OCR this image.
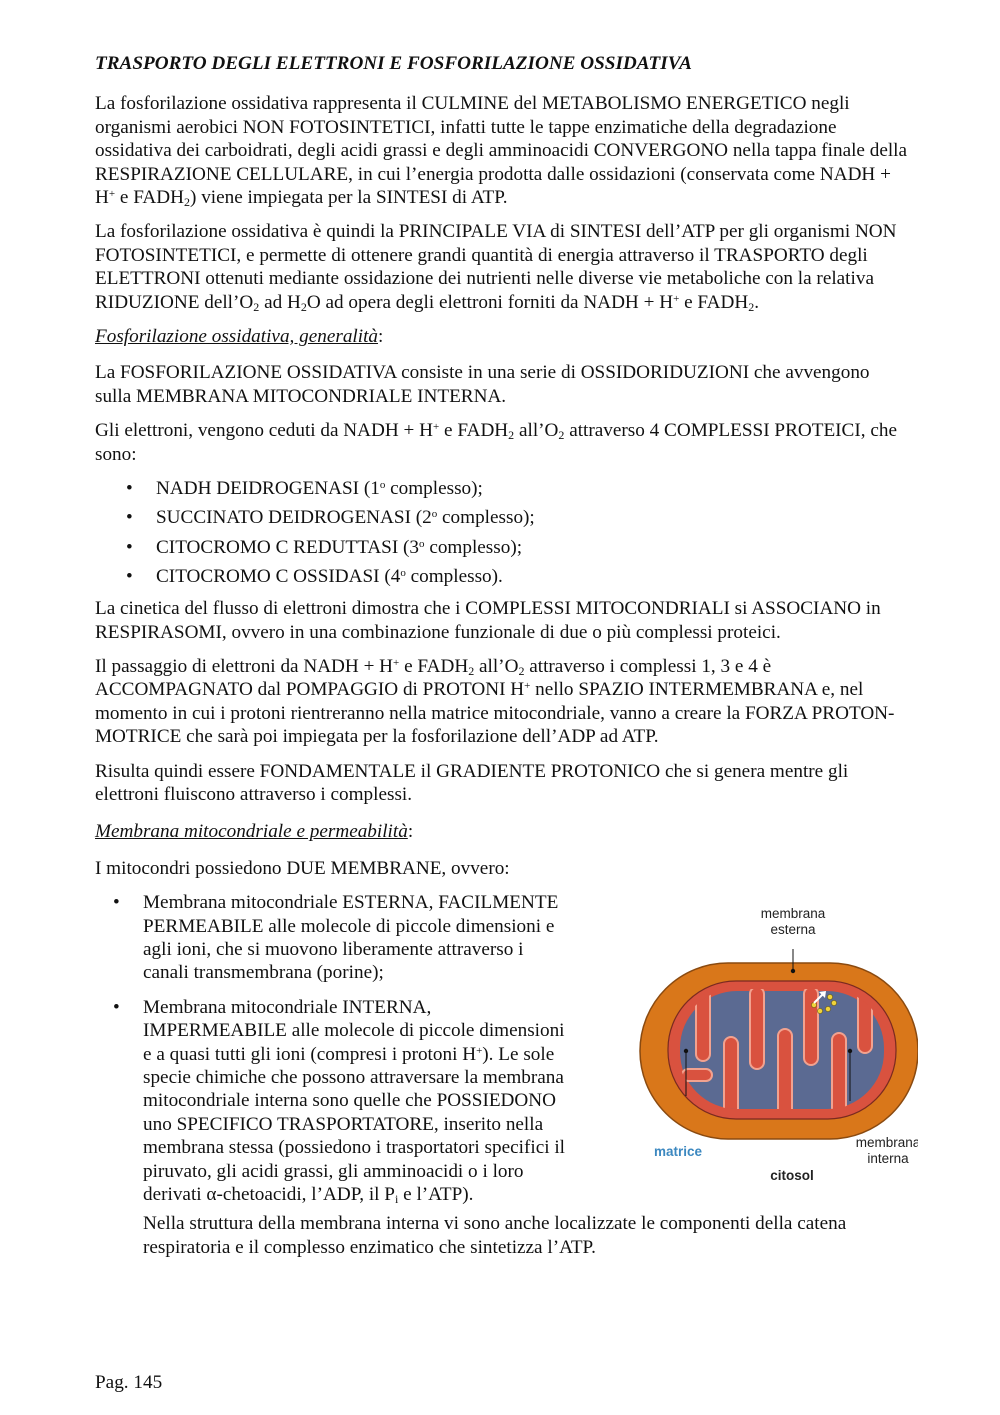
TRASPORTO DEGLI ELETTRONI E FOSFORILAZIONE OSSIDATIVA

La fosforilazione ossidativa rappresenta il CULMINE del METABOLISMO ENERGETICO negli organismi aerobici NON FOTOSINTETICI, infatti tutte le tappe enzimatiche della degradazione ossidativa dei carboidrati, degli acidi grassi e degli amminoacidi CONVERGONO nella tappa finale della RESPIRAZIONE CELLULARE, in cui l’energia prodotta dalle ossidazioni (conservata come NADH + H+ e $FADH_2$) viene impiegata per la SINTESI di ATP.

La fosforilazione ossidativa è quindi la PRINCIPALE VIA di SINTESI dell’ATP per gli organismi NON FOTOSINTETICI, e permette di ottenere grandi quantità di energia attraverso il TRASPORTO degli ELETTRONI ottenuti mediante ossidazione dei nutrienti nelle diverse vie metaboliche con la relativa RIDUZIONE $dell’O_2$ ad $H_2O$ ad opera degli elettroni forniti da NADH + H+ e $FADH_2$.

Fosforilazione ossidativa, generalità:

La FOSFORILAZIONE OSSIDATIVA consiste in una serie di OSSIDORIDUZIONI che avvengono sulla MEMBRANA MITOCONDRIALE INTERNA.

Gli elettroni, vengono ceduti da NADH + H+ e $FADH_2$ $all’O_2$ attraverso 4 COMPLESSI PROTEICI, che sono:

• NADH DEIDROGENASI (1$^o$ complesso);
• SUCCINATO DEIDROGENASI (2$^o$ complesso);
• CITOCROMO C REDUTTASI (3$^o$ complesso);
• CITOCROMO C OSSIDASI (4$^o$ complesso).

La cinetica del flusso di elettroni dimostra che i COMPLESSI MITOCONDRIALI si ASSOCIANO in RESPIRASOMI, ovvero in una combinazione funzionale di due o più complessi proteici.

Il passaggio di elettroni da NADH + H+ e $FADH_2$ $all’O_2$ attraverso i complessi 1, 3 e 4 è ACCOMPAGNATO dal POMPAGGIO di PROTONI H+ nello SPAZIO INTERMEMBRANA e, nel momento in cui i protoni rientreranno nella matrice mitocondriale, vanno a creare la FORZA PROTON-MOTRICE che sarà poi impiegata per la fosforilazione dell’ADP ad ATP.

Risulta quindi essere FONDAMENTALE il GRADIENTE PROTONICO che si genera mentre gli elettroni fluiscono attraverso i complessi.

Membrana mitocondriale e permeabilità:

I mitocondri possiedono DUE MEMBRANE, ovvero:

• Membrana mitocondriale ESTERNA, FACILMENTE PERMEABILE alle molecole di piccole dimensioni e agli ioni, che si muovono liberamente attraverso i canali transmembrana (porine);
• Membrana mitocondriale INTERNA, IMPERMEABILE alle molecole di piccole dimensioni e a quasi tutti gli ioni (compresi i protoni H+). Le sole specie chimiche che possono attraversare la membrana mitocondriale interna sono quelle che POSSIEDONO uno SPECIFICO TRASPORTATORE, inserito nella membrana stessa (possiedono i trasportatori specifici il piruvato, gli acidi grassi, gli amminoacidi o i loro derivati α-chetoacidi, l’ADP, il $P_i$ e l’ATP).
membrana
esterna
membrana
interna
matrice
citosol
Nella struttura della membrana interna vi sono anche localizzate le componenti della catena respiratoria e il complesso enzimatico che sintetizza l’ATP.
Pag. 145
